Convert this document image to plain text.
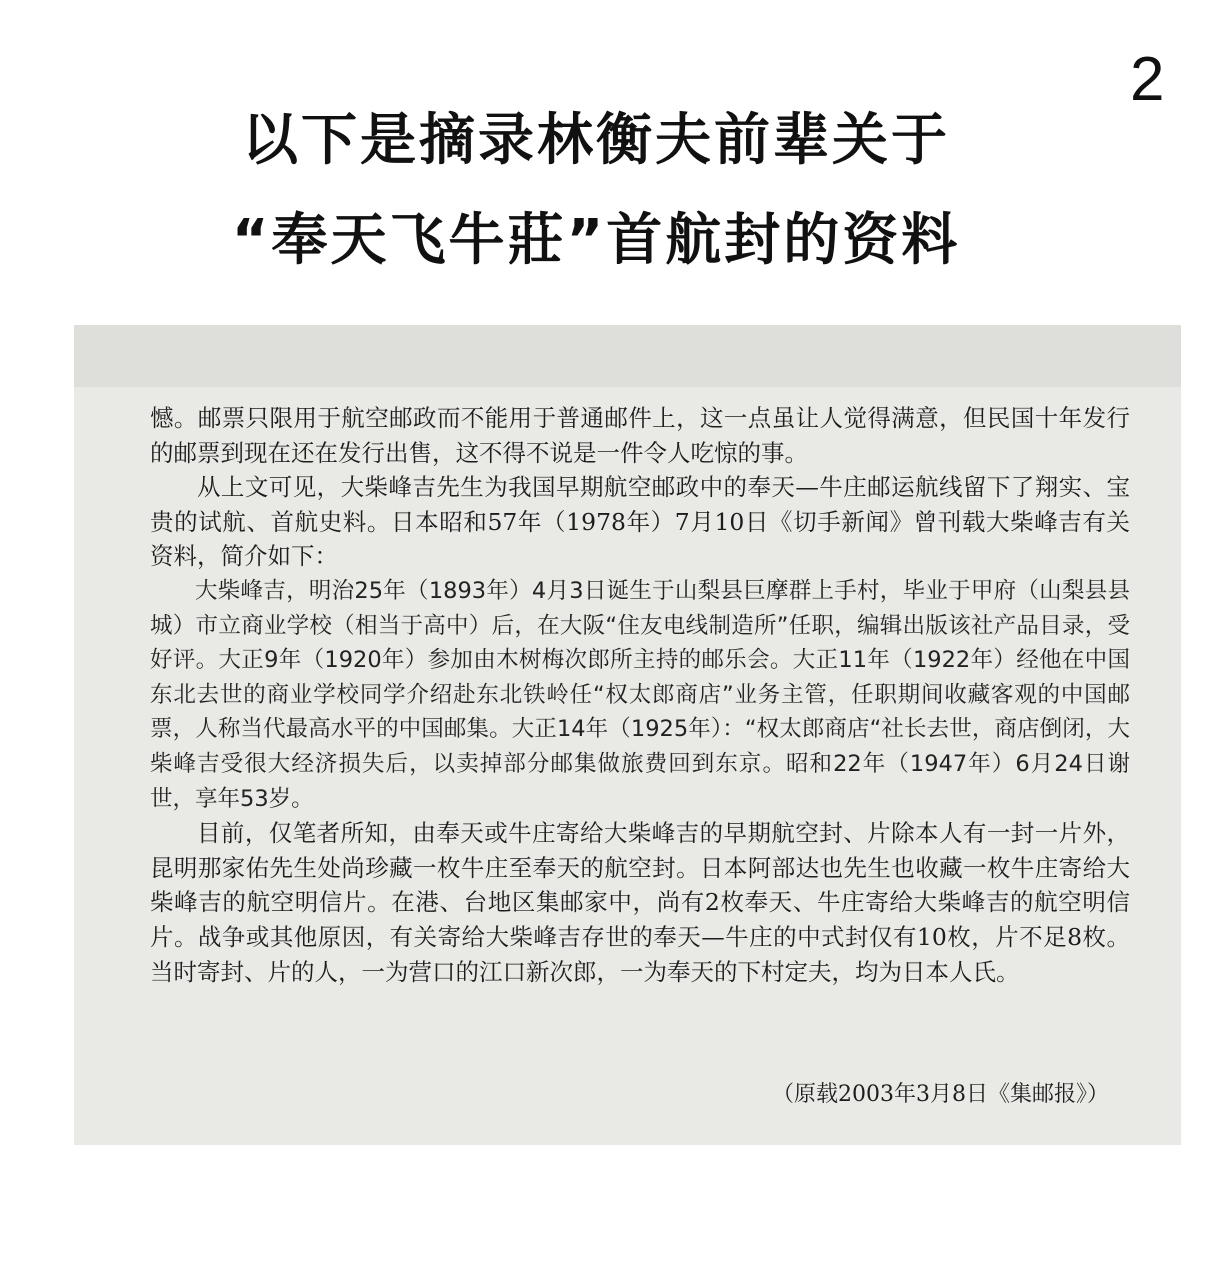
2
以下是摘录林衡夫前辈关于
“奉天飞牛莊”首航封的资料

憾。邮票只限用于航空邮政而不能用于普通邮件上，这一点虽让人觉得满意，但民国十年发行的邮票到现在还在发行出售，这不得不说是一件令人吃惊的事。

从上文可见，大柴峰吉先生为我国早期航空邮政中的奉天—牛庄邮运航线留下了翔实、宝贵的试航、首航史料。日本昭和57年（1978年）7月10日《切手新闻》曾刊载大柴峰吉有关资料，简介如下：

大柴峰吉，明治25年（1893年）4月3日诞生于山梨县巨摩群上手村，毕业于甲府（山梨县县城）市立商业学校（相当于高中）后，在大阪“住友电线制造所”任职，编辑出版该社产品目录，受好评。大正9年（1920年）参加由木树梅次郎所主持的邮乐会。大正11年（1922年）经他在中国东北去世的商业学校同学介绍赴东北铁岭任“权太郎商店”业务主管，任职期间收藏客观的中国邮票，人称当代最高水平的中国邮集。大正14年（1925年）：“权太郎商店“社长去世，商店倒闭，大柴峰吉受很大经济损失后，以卖掉部分邮集做旅费回到东京。昭和22年（1947年）6月24日谢世，享年53岁。

目前，仅笔者所知，由奉天或牛庄寄给大柴峰吉的早期航空封、片除本人有一封一片外，昆明那家佑先生处尚珍藏一枚牛庄至奉天的航空封。日本阿部达也先生也收藏一枚牛庄寄给大柴峰吉的航空明信片。在港、台地区集邮家中，尚有2枚奉天、牛庄寄给大柴峰吉的航空明信片。战争或其他原因，有关寄给大柴峰吉存世的奉天—牛庄的中式封仅有10枚，片不足8枚。当时寄封、片的人，一为营口的江口新次郎，一为奉天的下村定夫，均为日本人氏。

（原载2003年3月8日《集邮报》）
